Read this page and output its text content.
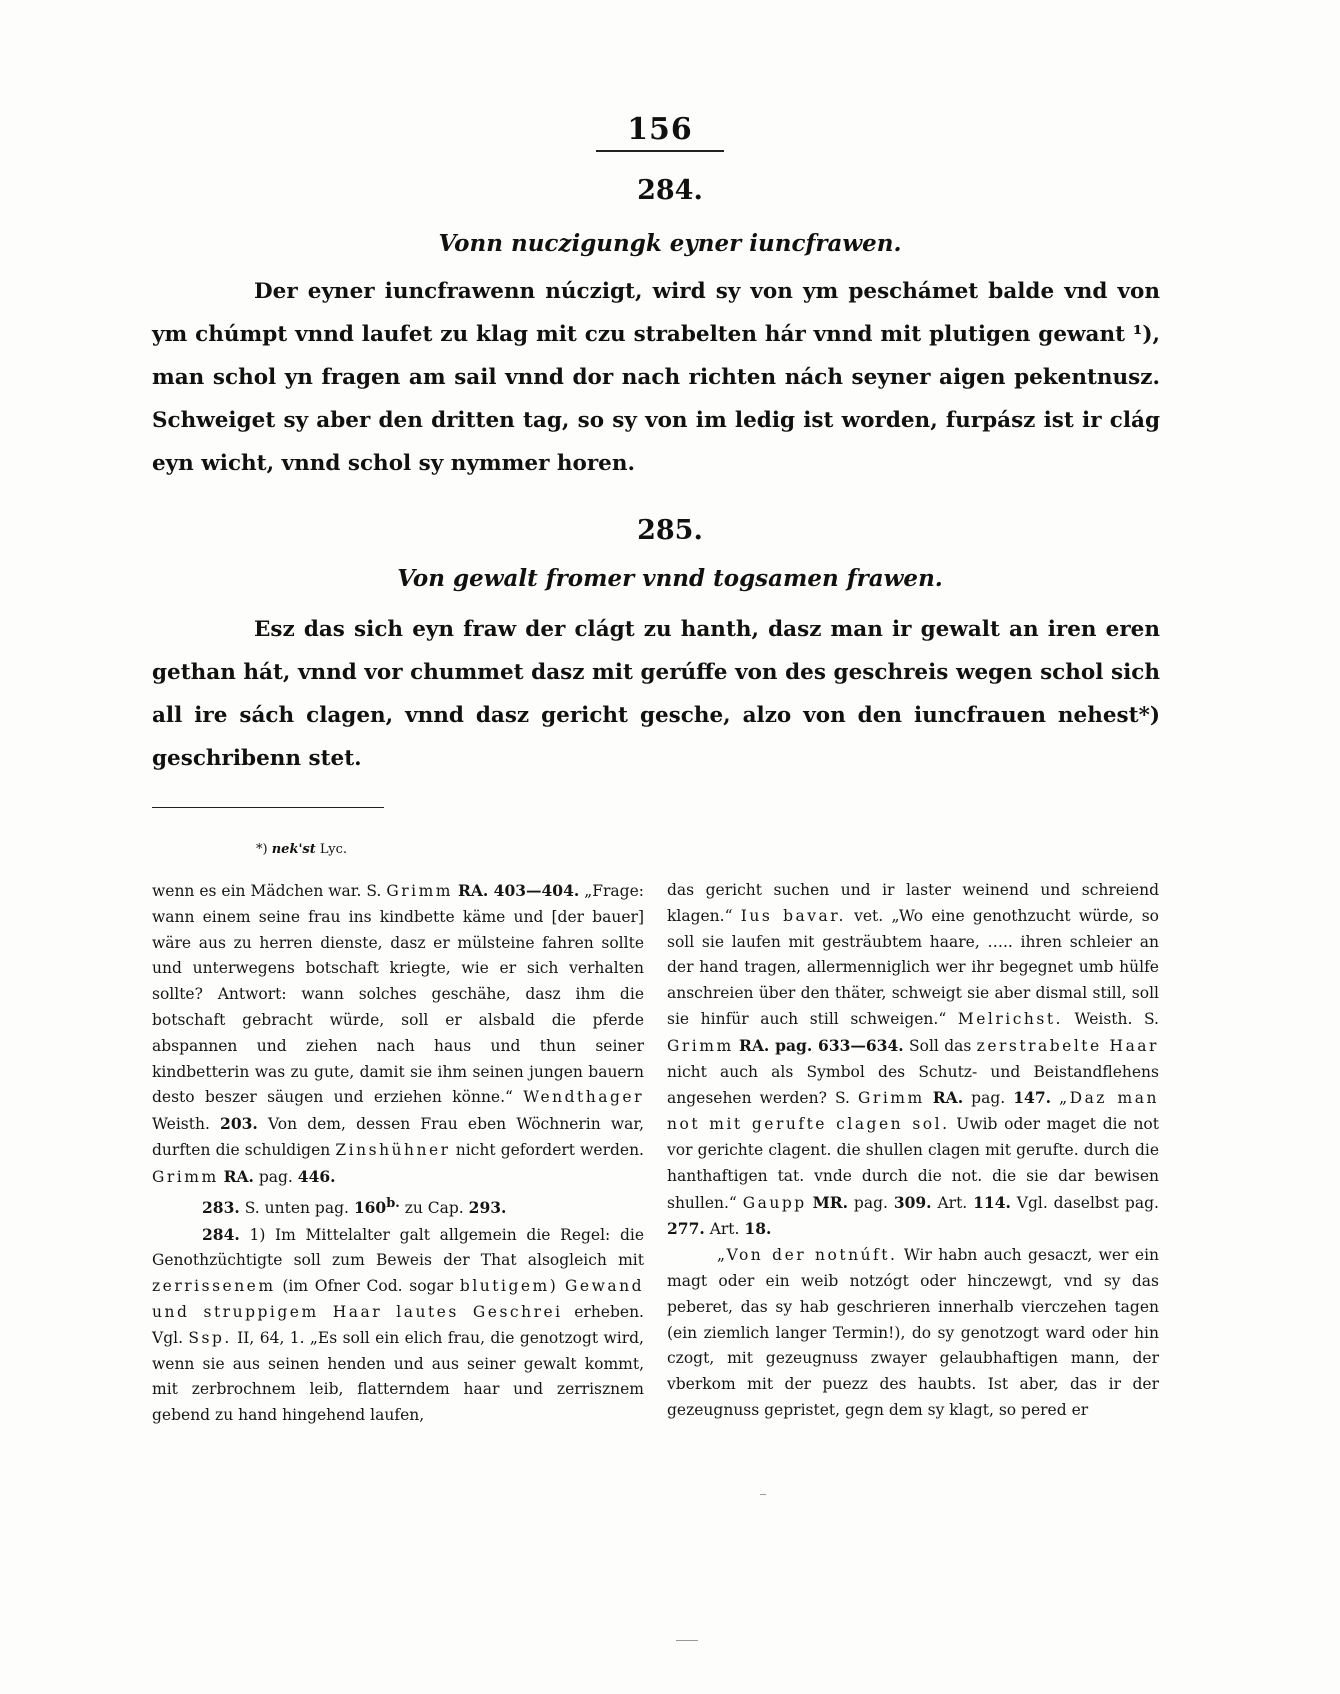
156
284.
Vonn nuczigungk eyner iuncfrawen.

Der eyner iuncfrawenn núczigt, wird sy von ym peschámet balde vnd von ym chúmpt vnnd laufet zu klag mit czu strabelten hár vnnd mit plutigen gewant ¹), man schol yn fragen am sail vnnd dor nach richten nách seyner aigen pekentnusz. Schweiget sy aber den dritten tag, so sy von im ledig ist worden, furpász ist ir clág eyn wicht, vnnd schol sy nymmer horen.

285.
Von gewalt fromer vnnd togsamen frawen.

Esz das sich eyn fraw der clágt zu hanth, dasz man ir gewalt an iren eren gethan hát, vnnd vor chummet dasz mit gerúffe von des geschreis wegen schol sich all ire sách clagen, vnnd dasz gericht gesche, alzo von den iuncfrauen nehest*) geschribenn stet.

*) nek'st Lyc.

wenn es ein Mädchen war. S. Grimm RA. 403—404. „Frage: wann einem seine frau ins kindbette käme und [der bauer] wäre aus zu herren dienste, dasz er mülsteine fahren sollte und unterwegens botschaft kriegte, wie er sich verhalten sollte? Antwort: wann solches geschähe, dasz ihm die botschaft gebracht würde, soll er alsbald die pferde abspannen und ziehen nach haus und thun seiner kindbetterin was zu gute, damit sie ihm seinen jungen bauern desto beszer säugen und erziehen könne.“ Wendthager Weisth. 203. Von dem, dessen Frau eben Wöchnerin war, durften die schuldigen Zinshühner nicht gefordert werden. Grimm RA. pag. 446.

283. S. unten pag. $160^{b.}$ zu Cap. 293.

284. 1) Im Mittelalter galt allgemein die Regel: die Genothzüchtigte soll zum Beweis der That alsogleich mit zerrissenem (im Ofner Cod. sogar blutigem) Gewand und struppigem Haar lautes Geschrei erheben. Vgl. Ssp. II, 64, 1. „Es soll ein elich frau, die genotzogt wird, wenn sie aus seinen henden und aus seiner gewalt kommt, mit zerbrochnem leib, flatterndem haar und zerrisznem gebend zu hand hingehend laufen,

das gericht suchen und ir laster weinend und schreiend klagen.“ Ius bavar. vet. „Wo eine genothzucht würde, so soll sie laufen mit gesträubtem haare, ….. ihren schleier an der hand tragen, allermenniglich wer ihr begegnet umb hülfe anschreien über den thäter, schweigt sie aber dismal still, soll sie hinfür auch still schweigen.“ Melrichst. Weisth. S. Grimm RA. pag. 633—634. Soll das zerstrabelte Haar nicht auch als Symbol des Schutz- und Beistandflehens angesehen werden? S. Grimm RA. pag. 147. „Daz man not mit gerufte clagen sol. Uwib oder maget die not vor gerichte clagent. die shullen clagen mit gerufte. durch die hanthaftigen tat. vnde durch die not. die sie dar bewisen shullen.“ Gaupp MR. pag. 309. Art. 114. Vgl. daselbst pag. 277. Art. 18.

„Von der notnúft. Wir habn auch gesaczt, wer ein magt oder ein weib notzógt oder hinczewgt, vnd sy das peberet, das sy hab geschrieren innerhalb vierczehen tagen (ein ziemlich langer Termin!), do sy genotzogt ward oder hin czogt, mit gezeugnuss zwayer gelaubhaftigen mann, der vberkom mit der puezz des haubts. Ist aber, das ir der gezeugnuss gepristet, gegn dem sy klagt, so pered er
